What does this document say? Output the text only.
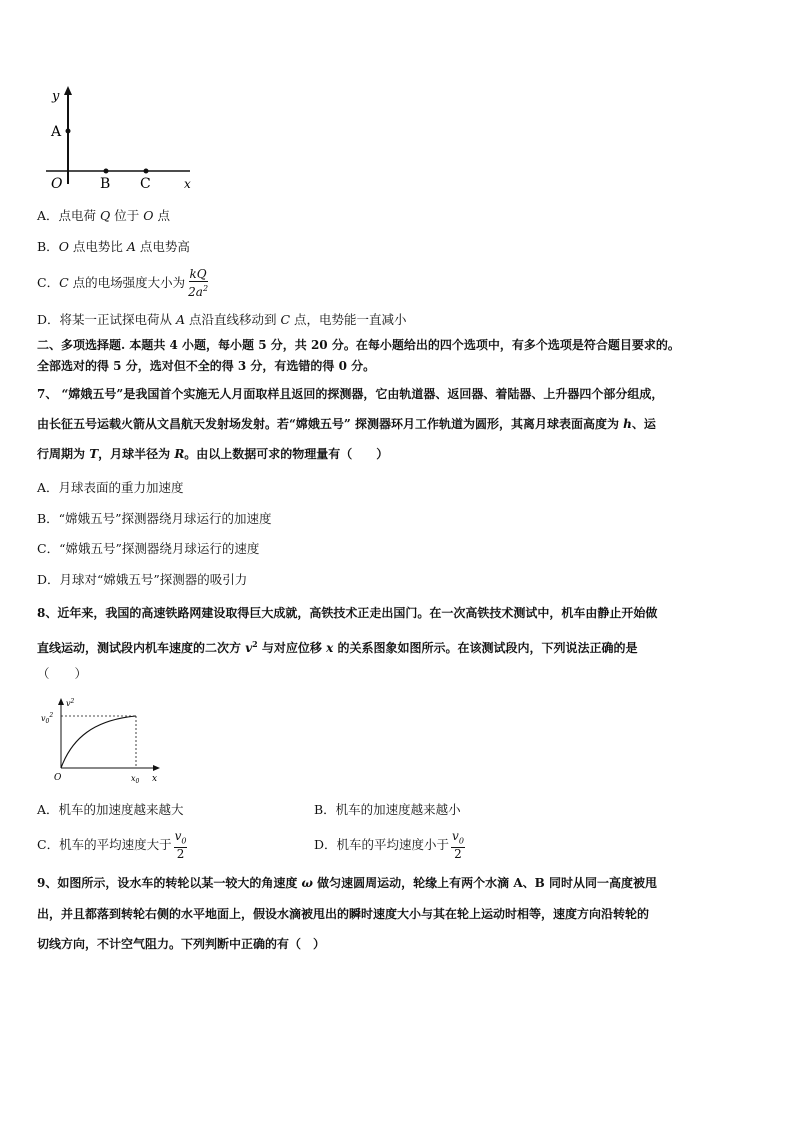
y
A
O	B C	x
A．点电荷 Q 位于 O 点
B．O 点电势比 A 点电势高
C．C 点的电场强度大小为 $\frac{kQ}{2a^2}$
D．将某一正试探电荷从 A 点沿直线移动到 C 点，电势能一直减小
二、多项选择题. 本题共 4 小题，每小题 5 分，共 20 分。在每小题给出的四个选项中，有多个选项是符合题目要求的。
全部选对的得 5 分，选对但不全的得 3 分，有选错的得 0 分。
7、 “嫦娥五号”是我国首个实施无人月面取样且返回的探测器，它由轨道器、返回器、着陆器、上升器四个部分组成，
由长征五号运载火箭从文昌航天发射场发射。若“嫦娥五号” 探测器环月工作轨道为圆形，其离月球表面高度为 h、运
行周期为 T，月球半径为 R。由以上数据可求的物理量有（　　）
A．月球表面的重力加速度
B．“嫦娥五号”探测器绕月球运行的加速度
C．“嫦娥五号”探测器绕月球运行的速度
D．月球对“嫦娥五号”探测器的吸引力
8、近年来，我国的高速铁路网建设取得巨大成就，高铁技术正走出国门。在一次高铁技术测试中，机车由静止开始做
直线运动，测试段内机车速度的二次方 $v^2$ 与对应位移 x 的关系图象如图所示。在该测试段内，下列说法正确的是
（　　）
$v^2$
$v_0^2$
O	$x_0$ x
A．机车的加速度越来越大	B．机车的加速度越来越小
C．机车的平均速度大于 $\frac{v_0}{2}$	D．机车的平均速度小于 $\frac{v_0}{2}$
9、如图所示，设水车的转轮以某一较大的角速度 ω 做匀速圆周运动，轮缘上有两个水滴 A、B 同时从同一高度被甩
出，并且都落到转轮右侧的水平地面上，假设水滴被甩出的瞬时速度大小与其在轮上运动时相等，速度方向沿转轮的
切线方向，不计空气阻力。下列判断中正确的有（　）
